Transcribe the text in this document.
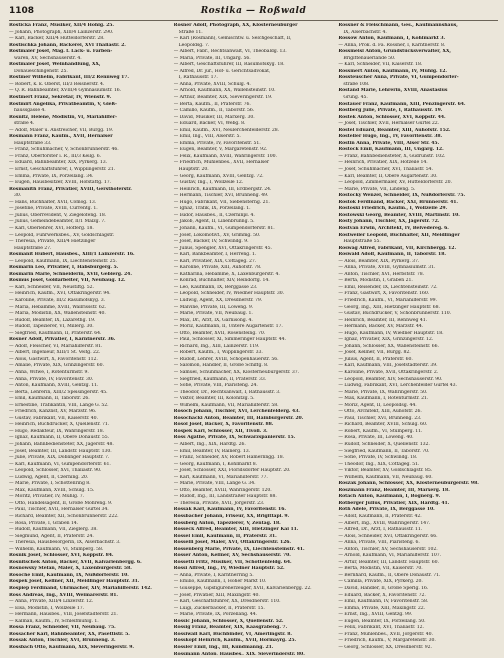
1108	Rostika — Roßwald
Rostička Franz, Musiker, XII/4 Hohlg. 25.
— Johann, Photograph, XIII/4 Lainzerstr. 290.
— Karl, Bäcker, XIII/4 Hütteldorferstr. 28.
Rostischka Johann, Bäckerei, XVI Thaliastr. 2.
Rostmaier Josef, Mag. f. Lack- u. Farben-
waren, XV, Sechshauserstr. 4.
Rostmaier Josef, Weinhandlung, XX,
Donaueschingenstr. 25.
Rostmer Wilhelm, Fabrikant, III/2 Rennweg 17.
— Robert, k. k. Oberst, III/3 Reisnerstr. 4.
— Q. R. Bahnbeamter, XVIII/4 Gymnasiumstr. 16.
Rostmert Franz, Sekretär, IV, Wienstr. 9.
Rostmirt Angelika, Privatbeamtin, V, Gieß-
haussgasse 4.
Rosnitz, Helene, Modistin, VI, Mariahilfer-
straße 4.
— Adolf, Maler u. Anstreicher, VII, Burgg. 19.
Rosmann Franz, Kaufm., XVII, Hernalser
Hauptstraße 33.
— Franz, Schuhmacher, V, Schönbrunnerstr. 46.
— Franz, Oberförster i. R., III/3 Keilg. 6.
— Eduard, Bahnbeamter, XIX, Pyrkerg. 13.
— Ernst, Geschäftsführer, I, Wipplingerstr. 21.
— Emma, Private, IX, Porzellang. 34.
— Eugen, Hausbesitzer, XVIII, Hofstattg. 17.
Rosmanith Franz, Privatier, XVIII, Gersthoferstr.
30.
— Hans, Buchhalter, XVII, Comög. 13.
— Josefine, Private, XVIII, Currentg. 1.
— Julius, Oberrevident, V, Ziegelofeng. 18.
— Julius, Gemeindebeamter, II/1 Malzg. 7.
— Karl, Oberlehrer, XVI, Hofferg. 18.
— Leopold, Fuhrwerksbes., XV, Goldschlagstr.
— Theresia, Private, XIII/4 Hietzinger
Hauptstraße 27.
Rosmanit Hubert, Hausbes., XIII/1 Lainzerstr. 16.
— Leopold, Kaufmann, IX, Liechtensteinstr. 25.
Rosmarin Leo, Privatier, I, Habsburgerg. 5.
Rosmarin Marie, Schneiderin, XVII, Geblerg. 24.
Rosmus Josef, Goldarbeiter, VII, Neubaug. 12.
— Karl, Schneider, VII, Neustiftg. 52.
— Heinrich, Kaufm., XVI, Ottakringerstr. 94.
— Karoline, Private, III/2 Rasumofskyg. 3.
— Maria, Hebamme, XVIII, Wallrissstr. 62.
— Maria, Modistin, XX, Wallensteinstr. 40.
— Rudolf, Beamter, IX, Lazarethg. 19.
— Rudolf, Tapezierer, VI, Millerg. 30.
— Siegfried, Kaufmann, II, Praterstr. 64.
Rosner Adolf, Privatier, I, Kärntnerstr. 36.
— Adolf, Fleischer, VI, Mariahilferstr. 81.
— Albert, Ingenieur, XIII/1 St. Veitg. 22.
— Alois, Gastwirt, X, Favoritenstr. 112.
— Amalie, Private, XIX, Grinzingerstr. 60.
— Anna, Witwe, I, Rotenturmstr. 9.
— Anna, Private, IV, Favoritenstr. 30.
— Anton, Kaufmann, XVIII, Gentzg. 11.
— Berta, Lehrerin, XIII/2 Speisingerstr. 45.
— Emil, Kaufmann, II, Taborstr. 26.
— Ernestine, Trafikantin, VIII, Lange G. 52.
— Friedrich, Kanzlist, XV, Märzstr. 96.
— Gustav, Fabrikant, VII, Kaiserstr. 40.
— Heinrich, Buchdrucker, X, Quellenstr. 71.
— Hugo, Redakteur, IX, Währingerstr. 18.
— Ignaz, Kaufmann, II, Obere Donaustr. 55.
— Johann, Bahnbediensteter, XX, Jägerstr. 48.
— Josef, Beamter, III, Landstr. Hauptstr. 130.
— Julie, Private, XIX, Döblinger Hauptstr. 7.
— Karl, Kaufmann, VI, Gumpendorferstr. 61.
— Leopold, Schlosser, XVI, Thaliastr. 90.
— Ludwig, Agent, II, Czerning. 20.
— Marie, Private, I, Schottenring 8.
— Max, Kaufmann, XVIII, Schulg. 15.
— Moritz, Privatier, IV, Mühlg. 7.
— Otto, Handelsagent, II, Große Mohreng. 9.
— Paul, Tischler, XVII, Hernalser Gürtel 34.
— Richard, Beamter, XII, Schönbrunnerstr. 222.
— Rosa, Private, I, Graben 14.
— Rudolf, Kaufmann, VII, Zieglerg. 38.
— Siegmund, Agent, II, Praterstr. 24.
— Theresia, Hausbesorgerin, IX, Alserbachstr. 3.
— Wilhelm, Kaufmann, VI, Stumperg. 58.
Rosnik Josef, Schlosser, XVI, Koppstr. 84.
Rosnitschek Anton, Bäcker, XVII, Kalvarienbergg. 6.
Rosnowsky Stefan, Maler, X, Laxenburgerstr. 58.
Rosoche Emil, Kaufmann, IX, Nußdorferstr. 10.
Rospek Josef, Kellner, XII, Meidlinger Hauptstr. 31.
Rospiep Ferdinand, Uhrmacher, XIV, Mariahilferstr. 142.
Ross Andreas, Ing., XVIII, Weimarerstr. 81.
— Anna, Private, XIII/4 Linzerstr. 12.
— Elsa, Modistin, I, Wollzeile 17.
— Hermann, Hausbes., VIII, Josefstädterstr. 21.
— Kalman, Kaufm., IV, Schleifmühlg. 1.
Rossa Franz, Schneider, VII, Neubaug. 75.
Rossacher Karl, Bahnbeamter, XX, Pasettistr. 5.
Rossak Anton, Tischler, XVI, Brunneng. 3.
Rossbach Otto, Kaufmann, XIX, Sieveringerstr. 9.
Rosner Adolf, Photograph, XX, Klosterneuburger
Straße 11.
— Karl (Rosmann), Gemischtw. u. Selchgeschäft, II,
Leopoldsg. 7.
— Albert, Fabr., Rechtsanwalt, VI, Theobaldg. 13.
— Maria, Private, III, Ungarg. 56.
— Albert, Geschäftsführer, III, Rasumofskyg. 18.
— Alfred, Dr. jur., Hof- u. Gerichtsadvokat,
I, Rathausstr. 17.
— Anna, Private, XVIII, Schulg. 4.
— Arnold, Kaufmann, XX, Wallensteinstr. 10.
— Arthur, Beamter, XIX, Sieveringerstr. 19.
— Berta, Kaufm., II, Praterstr. 76.
— Camillo, Kaufm., II, Taborstr. 56.
— David, Musiker, III, Marxerg. 30.
— Eduard, Bäcker, VI, Webg. 8.
— Emil, Kaufm., XVI, Neulerchenfelderstr. 28.
— Emil, Ing., VIII, Alserstr. 5.
— Emma, Private, IV, Favoritenstr. 51.
— Eugen, Beamter, V, Margaretenstr. 92.
— Felix, Kaufmann, XVIII, Währingerstr. 100.
— Friedrich, Mühlenbes., XVII, Hernalser
Hauptstr. 20.
— Georg, Kaufmann, XVIII, Gentzg. 72.
— Gustav, Ing., I, Wollzeile 12.
— Heinrich, Kaufmann, III, Erdbergstr. 24.
— Hermann, Tischler, XVI, Brunneng. 49.
— Hugo, Fabrikant, VII, Siebensterng. 21.
— Ignaz, Trafik, IX, Porzellang. 1.
— Isidor, Hausbes., II, Czerninpl. 4.
— Jakob, Agent, II, Lilienbrunng. 5.
— Johann, Kaufm., VI, Gumpendorferstr. 81.
— Josef, Lokomotivf., XV, Grimmg. 50.
— Josef, Bäcker, IV, Schwindg. 9.
— Julius, Spengler, XVI, Ottakringerstr. 45.
— Karl, Bankbeamter, I, Herreng. 1.
— Karl, Privatier, XIX, Cottageg. 27.
— Karoline, Private, XIII, Auhofstr. 78.
— Katharina, Hebamme, X, Laxenburgerstr. 4.
— Konrad, Buchhalter, XIV, Reindorfg. 14.
— Leo, Kaufmann, IX, Berggasse 23.
— Leopold, Schneider, IV, Wiedner Hauptstr. 30.
— Ludwig, Agent, XX, Dresdnerstr. 79.
— Malvine, Private, III, Löweng. 9.
— Marie, Private, VII, Neubaug. 1.
— Max, Dr., Arzt, IX, Garnisong. 4.
— Moriz, Kaufmann, II, Untere Augartenstr. 17.
— Otto, Beamter, XVII, Rosensteing. 70.
— Paul, Schlosser, XI, Simmeringer Hauptstr. 44.
— Richard, Ing., XIII, Lainzerstr. 119.
— Robert, Kaufm., I, Wipplingerstr. 33.
— Rudolf, Lehrer, XVIII, Schopenhauerstr. 56.
— Salomon, Händler, II, Große Schiffg. 8.
— Samuel, Schuhmacher, XX, Klosterneuburgerstr. 37.
— Siegfried, Kaufmann, II, Praterstr. 33.
— Sofie, Private, VIII, Piaristeng. 24.
— Theodor, Dr., Rechtsanwalt, I, Rathausstr. 3.
— Viktor, Beamter, III, Kolonitzg. 5.
— Wilhelm, Kaufmann, VII, Mariahilferstr. 58.
Rosoch Johann, Tischler, XVI, Lerchenfelderg. 43.
Rosochacki Anton, Beamter, III, Hainburgerstr. 20.
Rosol Josef, Bäcker, X, Favoritenstr. 88.
Rospek Karl, Schlosser, XII, Tivoli. 3.
Ross Agathe, Private, IX, Schwarzspanierstr. 15.
— Albert, Ing., XIX, Hardtg. 26.
— Emil, Beamter, IV, Rainerg. 13.
— Franz, Schneider, XV, Robert Hamerlingg. 18.
— Georg, Kaufmann, I, Kohlmarkt 8.
— Josef, Schlosser, XXI, Floridsdorfer Hauptstr. 20.
— Karl, Kaufmann, VI, Mariahilferstr. 77.
— Marie, Private, VIII, Lange G. 34.
— Otto, Beamter, XVIII, Währingerstr. 120.
— Rudolf, Ing., III, Landstraßer Hauptstr. 88.
— Theresia, Private, XVII, Jörgerstr. 23.
Rossak Karl, Kaufmann, IV, Favoritenstr. 16.
Rossbacher Johann, Friseur, XX, Brigittapl. 9.
Rossberg Anton, Tapezierer, V, Zentag. 18.
Rosseck Alfred, Beamter, XIII, Hietzinger Kai 11.
Rossel Emil, Kaufmann, II, Praterstr. 31.
Rosselli Josef, Maler, XVI, Ottakringerstr. 126.
Rossenberg Marie, Private, IX, Liechtensteinstr. 41.
Rosser Anton, Kellner, XV, Sechshauserstr. 70.
Rossetti Fritz, Musiker, VII, Schottenfeldg. 64.
Rossi Alfred, Ing., IV, Wiedner Hauptstr. 52.
— Anna, Private, I, Kärntnerring 5.
— Emilio, Kaufmann, I, Hoher Markt 10.
— Giuseppe, Gipsfigurenerzeuger, XVII, Kalvarienbergg. 22.
— Josef, Privatier, XIII, Maxingstr. 40.
— Karl, Geschäftsführer, XX, Dresdnerstr. 110.
— Luigi, Zuckerbäcker, II, Praterstr. 15.
— Marie, Private, IX, Porzellang. 44.
Rossic Johann, Schlosser, X, Quellenstr. 52.
Rossig Franz, Beamter, XIX, Kaasgrabeng. 7.
Rossiwall Karl, Buchbinder, VI, Amerlingstr. 8.
Rosskopf Heinrich, Kaufm., XVII, Hormayrg. 25.
Rossler Emil, Ing., III, Kundmanng. 21.
Rossmann Anton, Hausbes., XIX, Sieveringerstr. 80.
Rossner & Fleischmann, Ges., Kaufmannshaus,
IX, Alserbachstr. 4.
Rossow Anton, Kaufmann, I, Kohlmarkt 3.
— Anna, Prok. d. Fa. Rossner, I, Kärntnerstr. 8.
Rossmeisl Anton, Grundstücksverwalter, XX,
Brigittenauerlände 50.
— Karl, Schneider, VII, Kaiserstr. 18.
Rossmert Anton, Kaufmann, IV, Mühlg. 12.
Rossteuscher Anna, Private, VI, Gumpendorfer-
straße 108.
Rostand Marie, Lehrerin, XVIII, Anastasius
Grüng. 45.
Rostauer Franz, Kaufmann, XIII, Penzingerstr. 64.
Rostberg Julie, Private, I, Rathausstr. 19.
Rostek Anton, Schlosser, XVI, Koppstr. 44.
— Josef, Tischler, XVII, Hernalser Gürtel 22.
Rostel Eduard, Beamter, XIII, Auhofstr. 152.
Rosteller Hugo, Ing., IV, Favoritenstr. 38.
Rostin Anna, Private, VIII, Alser Str. 45.
Rostock Emil, Kaufmann, III, Ungarg. 12.
— Franz, Bahnbediensteter, X, Gudrunstr. 102.
— Heinrich, Privatier, XIX, Hofzeile 14.
— Josef, Schuhmacher, XVI, Thaliastr. 54.
— Karl, Beamter, II, Obere Augartenstr. 30.
— Leopold, Zimmermaler, XV, Hütteldorferstr. 20.
— Marie, Private, VII, Lindeng. 5.
Rostocky Wenzel, Schneider, IX, Nußdorferstr. 75.
Rostok Ferdinand, Bäcker, XXI, Brünnerstr. 41.
Rostoski Friedrich, Kaufm., I, Wollzeile 29.
Rostowski Georg, Beamter, XVIII, Martinstr. 10.
Rosty Johann, Tischler, XX, Jägerstr. 72.
Rostvan Erwin, Architekt, IV, Belvedereg. 6.
Rostweiler Leopold, Buchhalter, XII, Meidlinger
Hauptstraße 55.
Roswag Alfred, Fabrikant, VII, Kirchbergg. 12.
Roswald Adolf, Kaufmann, II, Taborstr. 18.
— Alois, Beamter, XIX, Pyrkerg. 37.
— Anna, Private, XVIII, Gymnasiumstr. 31.
— Anton, Tischler, XVI, Herbststr. 78.
— Berta, Modistin, I, Graben 21.
— Emil, Reisender, IX, Liechtensteinstr. 72.
— Franz, Gastwirt, X, Favoritenstr. 160.
— Friedrich, Kaufm., VI, Mariahilferstr. 99.
— Georg, Ing., XIII, Hietzinger Hauptstr. 68.
— Gustav, Buchdrucker, V, Schönbrunnerstr. 110.
— Heinrich, Beamter, III, Rennweg 41.
— Hermann, Bäcker, XV, Märzstr. 44.
— Hugo, Kaufmann, IV, Wiedner Hauptstr. 18.
— Ignaz, Privatier, XIX, Grinzingerstr. 12.
— Johann, Schlosser, XX, Wallensteinstr. 66.
— Josef, Kellner, VII, Burgg. 82.
— Julius, Agent, II, Praterstr. 60.
— Karl, Kaufmann, VIII, Josefstädterstr. 39.
— Karoline, Private, XVII, Ottakringerstr. 2.
— Leopold, Beamter, XIV, Sechshauserstr. 90.
— Ludwig, Fabrikant, XVI, Lerchenfelder Gürtel 43.
— Marie, Private, IX, Währingerstr. 50.
— Max, Kaufmann, I, Rotenturmstr. 21.
— Moriz, Agent, II, Leopoldsg. 44.
— Otto, Architekt, XIII, Auhofstr. 26.
— Paul, Tischler, XVI, Brunneng. 23.
— Richard, Beamter, XVIII, Schulg. 60.
— Robert, Kaufm., VI, Stumperg. 11.
— Rosa, Private, III, Löweng. 40.
— Rudolf, Schneider, X, Quellenstr. 132.
— Siegfried, Kaufmann, II, Taborstr. 70.
— Sofie, Private, IV, Schwindg. 18.
— Theodor, Ing., XIX, Cottageg. 51.
— Viktor, Beamter, XV, Goldschlagstr. 85.
— Wilhelm, Kaufmann, VII, Neubaug. 60.
Roszak Johann, Schlosser, XX, Klosterneuburgerstr. 98.
Roszmann Franz, Beamter, III, Marxerg. 18.
Rotach Anton, Kaufmann, I, Bognerg. 9.
Rotberger Julius, Privatier, XIX, Hardtg. 41.
Roth Adele, Private, IX, Berggasse 10.
— Adolf, Kaufmann, II, Praterstr. 42.
— Albert, Ing., XVIII, Währingerstr. 147.
— Alfred, Dr., Arzt, I, Rathausstr. 11.
— Alois, Schneider, XVI, Ottakringerstr. 66.
— Anna, Private, VIII, Piaristeng. 6.
— Anton, Tischler, XV, Sechshauserstr. 102.
— Arnold, Kaufmann, VI, Mariahilferstr. 107.
— Artur, Beamter, III, Landstr. Hauptstr. 60.
— Berta, Modistin, VII, Kaiserstr. 70.
— Bernhard, Kaufm., II, Obere Donaustr. 71.
— Camilla, Private, XIX, Pyrkerg. 20.
— David, Händler, II, Große Sperlg. 16.
— Eduard, Bäcker, X, Favoritenstr. 72.
— Emil, Kaufmann, IV, Favoritenstr. 58.
— Emma, Private, XIII, Maxingstr. 22.
— Ernst, Ing., XVIII, Gentzg. 99.
— Eugen, Beamter, IX, Porzellang. 50.
— Felix, Fabrikant, XVI, Thaliastr. 12.
— Franz, Mühlenbes., XVII, Jörgerstr. 40.
— Friedrich, Kaufm., V, Margaretenstr. 30.
— Georg, Schlosser, XX, Dresdnerstr. 92.
